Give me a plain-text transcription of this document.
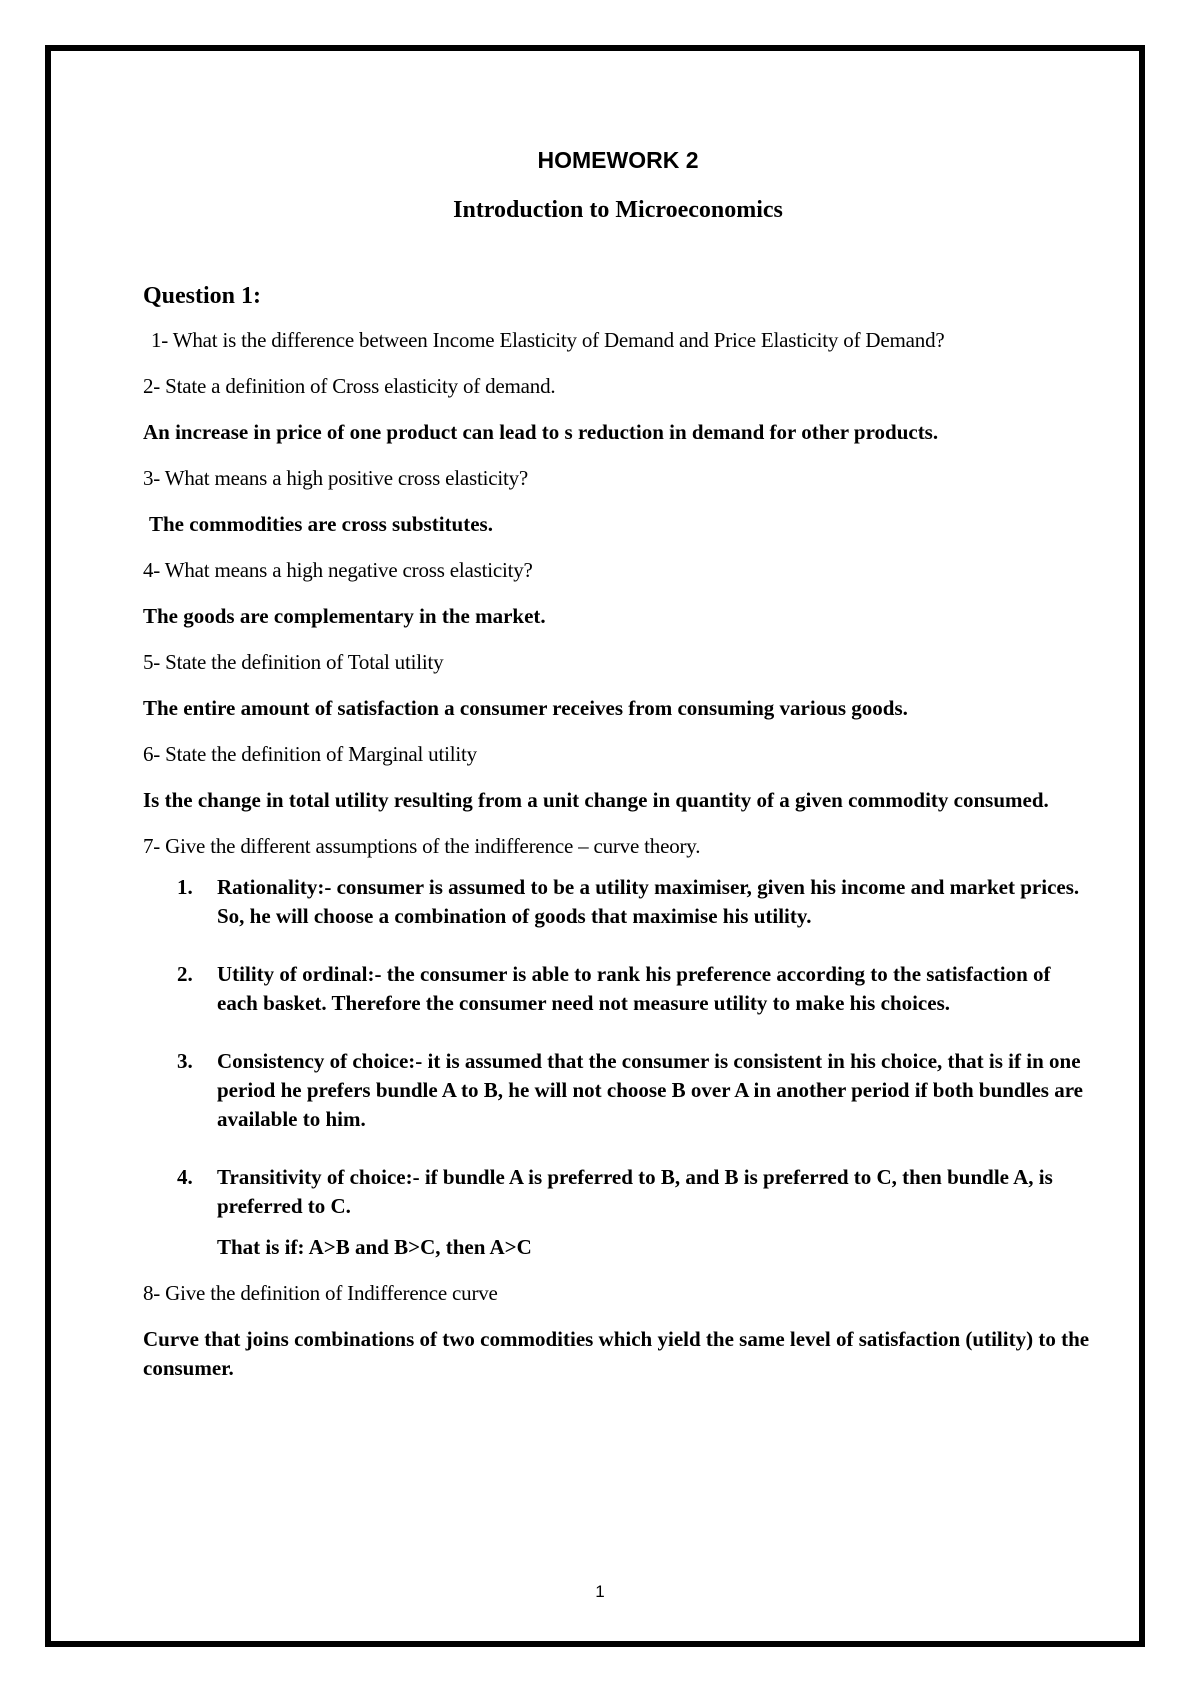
HOMEWORK 2
Introduction to Microeconomics
Question 1:

1- What is the difference between Income Elasticity of Demand and Price Elasticity of Demand?

2- State a definition of Cross elasticity of demand.

An increase in price of one product can lead to s reduction in demand for other products.

3- What means a high positive cross elasticity?

The commodities are cross substitutes.

4- What means a high negative cross elasticity?

The goods are complementary in the market.

5- State the definition of Total utility

The entire amount of satisfaction a consumer receives from consuming various goods.

6- State the definition of Marginal utility

Is the change in total utility resulting from a unit change in quantity of a given commodity consumed.

7- Give the different assumptions of the indifference – curve theory.

1. Rationality:- consumer is assumed to be a utility maximiser, given his income and market prices. So, he will choose a combination of goods that maximise his utility.
2. Utility of ordinal:- the consumer is able to rank his preference according to the satisfaction of each basket. Therefore the consumer need not measure utility to make his choices.
3. Consistency of choice:- it is assumed that the consumer is consistent in his choice, that is if in one period he prefers bundle A to B, he will not choose B over A in another period if both bundles are available to him.
4. Transitivity of choice:- if bundle A is preferred to B, and B is preferred to C, then bundle A, is preferred to C.

That is if: A>B and B>C, then A>C

8- Give the definition of Indifference curve

Curve that joins combinations of two commodities which yield the same level of satisfaction (utility) to the consumer.

1
